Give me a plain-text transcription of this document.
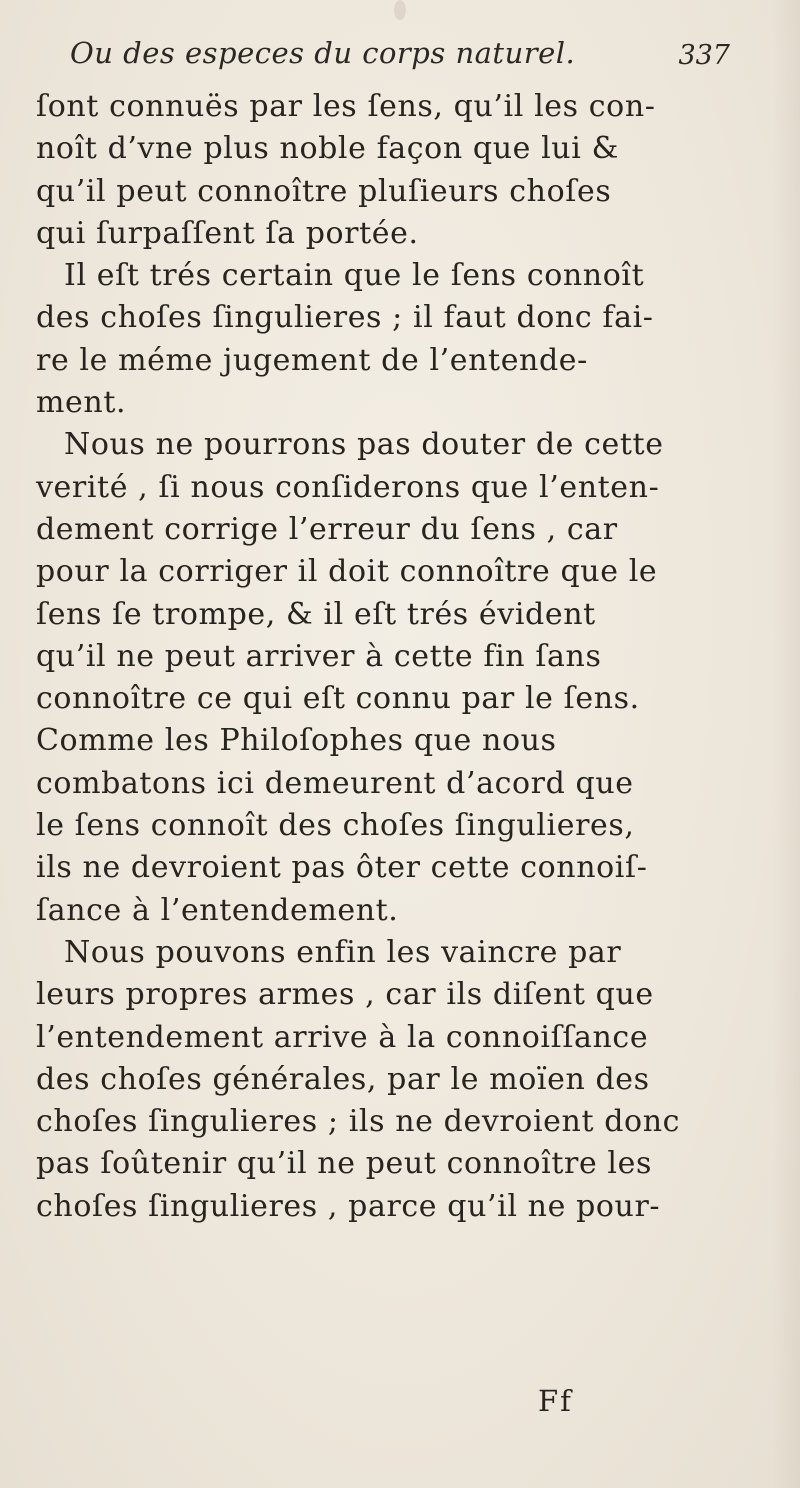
Ou des especes du corps naturel.	337
ſont connuës par les ſens, qu’il les con-
noît d’vne plus noble façon que lui &
qu’il peut connoître pluſieurs choſes
qui ſurpaſſent ſa portée.
Il eſt trés certain que le ſens connoît
des choſes ſingulieres ; il faut donc fai-
re le méme jugement de l’entende-
ment.
Nous ne pourrons pas douter de cette
verité , ſi nous conſiderons que l’enten-
dement corrige l’erreur du ſens , car
pour la corriger il doit connoître que le
ſens ſe trompe, & il eſt trés évident
qu’il ne peut arriver à cette fin ſans
connoître ce qui eſt connu par le ſens.
Comme les Philoſophes que nous
combatons ici demeurent d’acord que
le ſens connoît des choſes ſingulieres,
ils ne devroient pas ôter cette connoiſ-
ſance à l’entendement.
Nous pouvons enfin les vaincre par
leurs propres armes , car ils diſent que
l’entendement arrive à la connoiſſance
des choſes générales, par le moïen des
choſes ſingulieres ; ils ne devroient donc
pas ſoûtenir qu’il ne peut connoître les
choſes ſingulieres , parce qu’il ne pour-
Ff
